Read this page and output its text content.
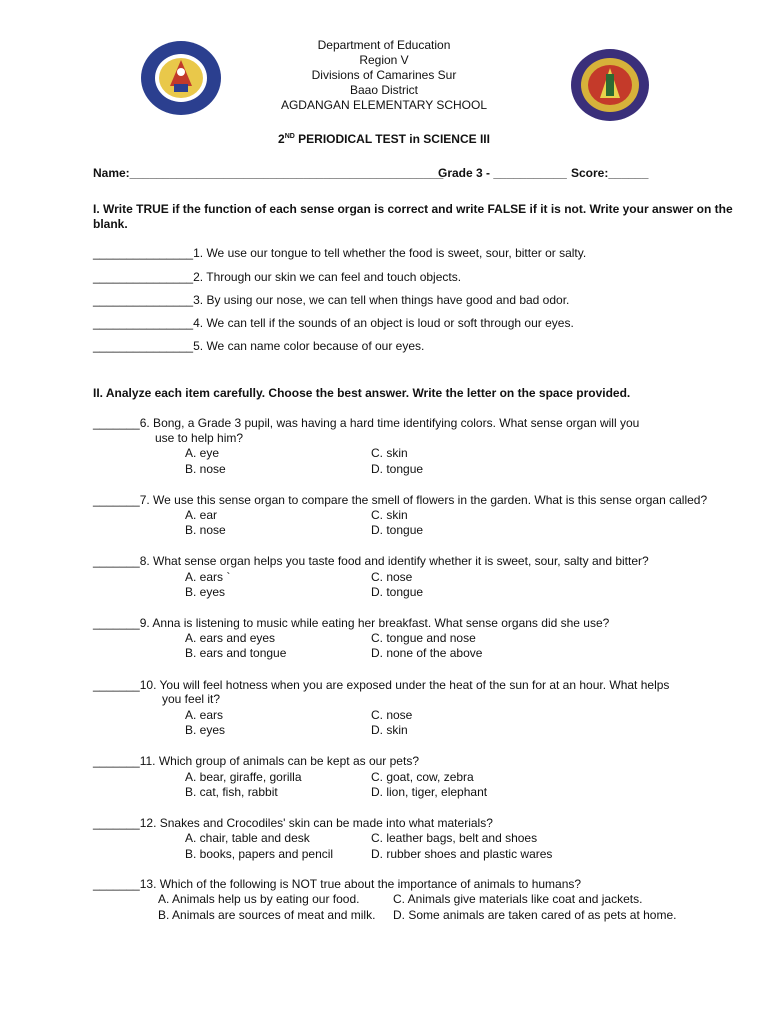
Department of Education
Region V
Divisions of Camarines Sur
Baao District
AGDANGAN ELEMENTARY SCHOOL
2ND PERIODICAL TEST in SCIENCE III
Name:_______________________________________________
Grade 3 - ___________ Score:______
I. Write TRUE if the function of each sense organ is correct and write FALSE if it is not. Write your answer on the
blank.
_______________1. We use our tongue to tell whether the food is sweet, sour, bitter or salty.
_______________2. Through our skin we can feel and touch objects.
_______________3. By using our nose, we can tell when things have good and bad odor.
_______________4. We can tell if the sounds of an object is loud or soft through our eyes.
_______________5. We can name color because of our eyes.
II. Analyze each item carefully. Choose the best answer. Write the letter on the space provided.
_______6. Bong, a Grade 3 pupil, was having a hard time identifying colors. What sense organ will you
use to help him?
A. eye	C. skin
B. nose	D. tongue
_______7. We use this sense organ to compare the smell of flowers in the garden. What is this sense organ called?
A. ear	C. skin
B. nose	D. tongue
_______8. What sense organ helps you taste food and identify whether it is sweet, sour, salty and bitter?
A. ears `	C. nose
B. eyes	D. tongue
_______9. Anna is listening to music while eating her breakfast. What sense organs did she use?
A. ears and eyes	C. tongue and nose
B. ears and tongue	D. none of the above
_______10. You will feel hotness when you are exposed under the heat of the sun for at an hour. What helps
you feel it?
A. ears	C. nose
B. eyes	D. skin
_______11. Which group of animals can be kept as our pets?
A. bear, giraffe, gorilla	C. goat, cow, zebra
B. cat, fish, rabbit	D. lion, tiger, elephant
_______12. Snakes and Crocodiles' skin can be made into what materials?
A. chair, table and desk	C. leather bags, belt and shoes
B. books, papers and pencil	D. rubber shoes and plastic wares
_______13. Which of the following is NOT true about the importance of animals to humans?
A. Animals help us by eating our food.	C. Animals give materials like coat and jackets.
B. Animals are sources of meat and milk. D. Some animals are taken cared of as pets at home.
